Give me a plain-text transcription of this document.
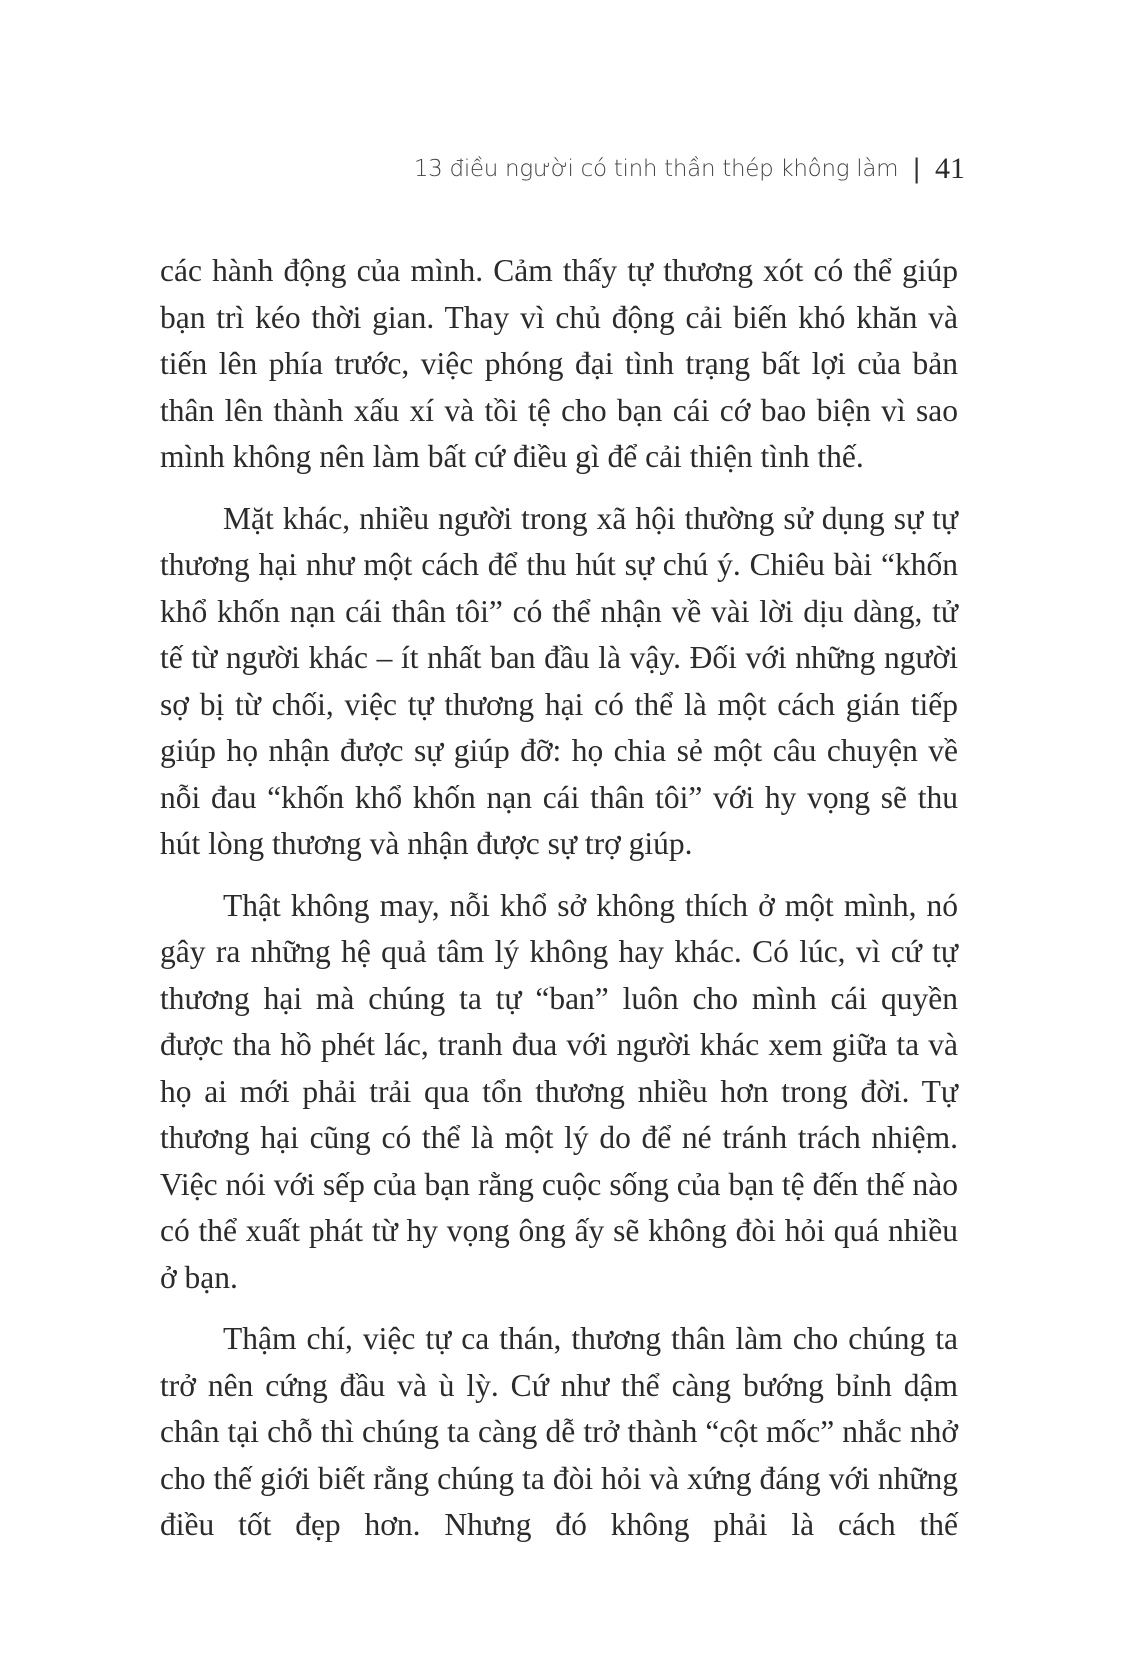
13 điều người có tinh thần thép không làm | 41

các hành động của mình. Cảm thấy tự thương xót có thể giúp bạn trì kéo thời gian. Thay vì chủ động cải biến khó khăn và tiến lên phía trước, việc phóng đại tình trạng bất lợi của bản thân lên thành xấu xí và tồi tệ cho bạn cái cớ bao biện vì sao mình không nên làm bất cứ điều gì để cải thiện tình thế.

Mặt khác, nhiều người trong xã hội thường sử dụng sự tự thương hại như một cách để thu hút sự chú ý. Chiêu bài “khốn khổ khốn nạn cái thân tôi” có thể nhận về vài lời dịu dàng, tử tế từ người khác – ít nhất ban đầu là vậy. Đối với những người sợ bị từ chối, việc tự thương hại có thể là một cách gián tiếp giúp họ nhận được sự giúp đỡ: họ chia sẻ một câu chuyện về nỗi đau “khốn khổ khốn nạn cái thân tôi” với hy vọng sẽ thu hút lòng thương và nhận được sự trợ giúp.

Thật không may, nỗi khổ sở không thích ở một mình, nó gây ra những hệ quả tâm lý không hay khác. Có lúc, vì cứ tự thương hại mà chúng ta tự “ban” luôn cho mình cái quyền được tha hồ phét lác, tranh đua với người khác xem giữa ta và họ ai mới phải trải qua tổn thương nhiều hơn trong đời. Tự thương hại cũng có thể là một lý do để né tránh trách nhiệm. Việc nói với sếp của bạn rằng cuộc sống của bạn tệ đến thế nào có thể xuất phát từ hy vọng ông ấy sẽ không đòi hỏi quá nhiều ở bạn.

Thậm chí, việc tự ca thán, thương thân làm cho chúng ta trở nên cứng đầu và ù lỳ. Cứ như thể càng bướng bỉnh dậm chân tại chỗ thì chúng ta càng dễ trở thành “cột mốc” nhắc nhở cho thế giới biết rằng chúng ta đòi hỏi và xứng đáng với những điều tốt đẹp hơn. Nhưng đó không phải là cách thế
